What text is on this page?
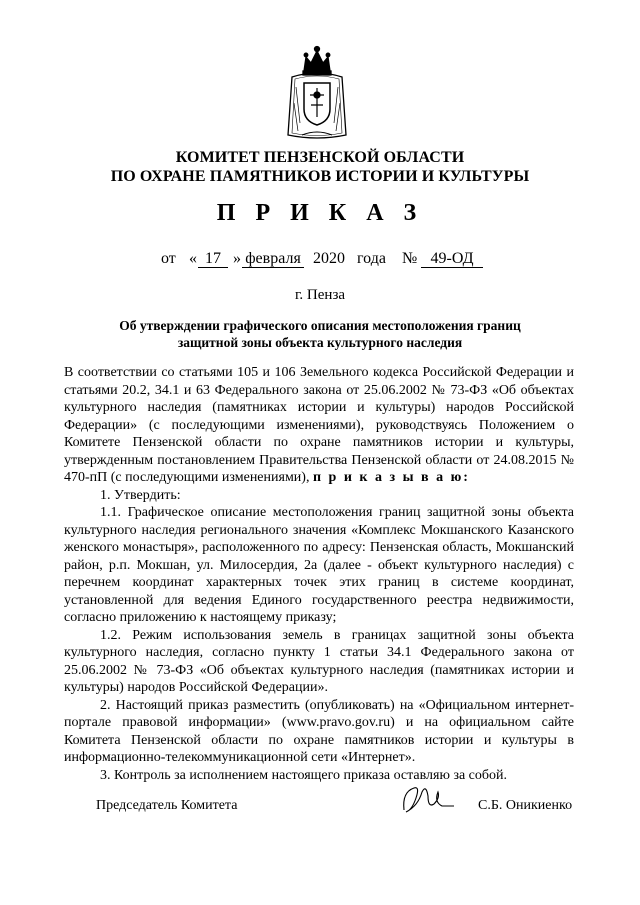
КОМИТЕТ ПЕНЗЕНСКОЙ ОБЛАСТИ
ПО ОХРАНЕ ПАМЯТНИКОВ ИСТОРИИ И КУЛЬТУРЫ
П Р И К А З
от « 17 » февраля 2020 года № 49-ОД
г. Пенза
Об утверждении графического описания местоположения границ
защитной зоны объекта культурного наследия

В соответствии со статьями 105 и 106 Земельного кодекса Российской Федерации и статьями 20.2, 34.1 и 63 Федерального закона от 25.06.2002 № 73-ФЗ «Об объектах культурного наследия (памятниках истории и культуры) народов Российской Федерации» (с последующими изменениями), руководствуясь Положением о Комитете Пензенской области по охране памятников истории и культуры, утвержденным постановлением Правительства Пензенской области от 24.08.2015 № 470-пП (с последующими изменениями), п р и к а з ы в а ю:

1. Утвердить:

1.1. Графическое описание местоположения границ защитной зоны объекта культурного наследия регионального значения «Комплекс Мокшанского Казанского женского монастыря», расположенного по адресу: Пензенская область, Мокшанский район, р.п. Мокшан, ул. Милосердия, 2а (далее - объект культурного наследия) с перечнем координат характерных точек этих границ в системе координат, установленной для ведения Единого государственного реестра недвижимости, согласно приложению к настоящему приказу;

1.2. Режим использования земель в границах защитной зоны объекта культурного наследия, согласно пункту 1 статьи 34.1 Федерального закона от 25.06.2002 № 73-ФЗ «Об объектах культурного наследия (памятниках истории и культуры) народов Российской Федерации».

2. Настоящий приказ разместить (опубликовать) на «Официальном интернет-портале правовой информации» (www.pravo.gov.ru) и на официальном сайте Комитета Пензенской области по охране памятников истории и культуры в информационно-телекоммуникационной сети «Интернет».

3. Контроль за исполнением настоящего приказа оставляю за собой.

Председатель Комитета	С.Б. Оникиенко
